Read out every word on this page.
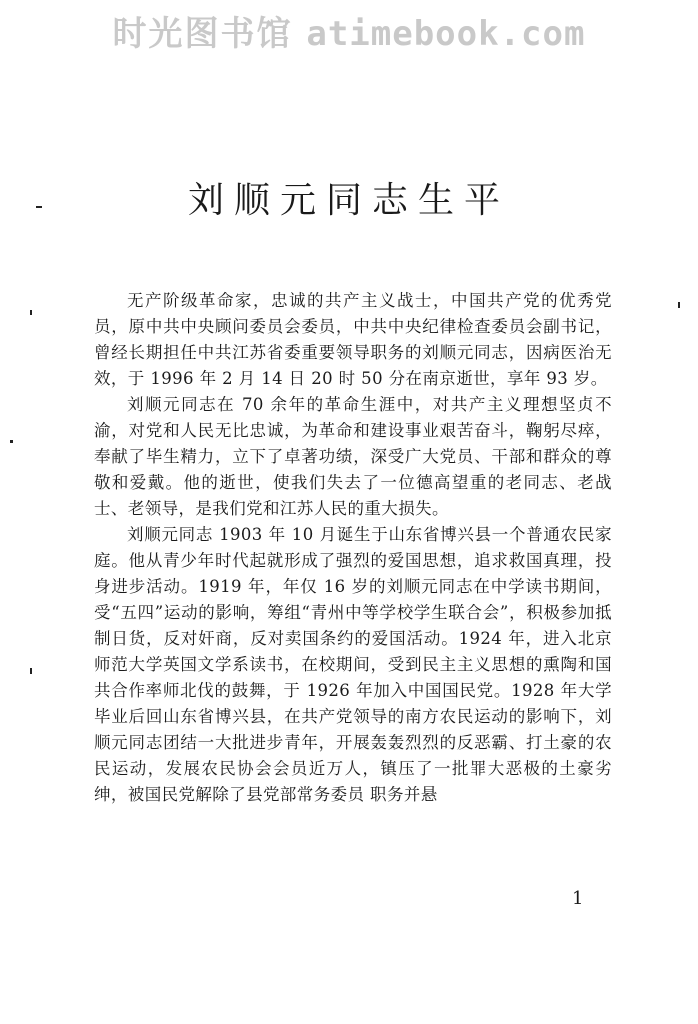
时光图书馆 atimebook.com
刘顺元同志生平

无产阶级革命家，忠诚的共产主义战士，中国共产党的优秀党员，原中共中央顾问委员会委员，中共中央纪律检查委员会副书记，曾经长期担任中共江苏省委重要领导职务的刘顺元同志，因病医治无效，于 1996 年 2 月 14 日 20 时 50 分在南京逝世，享年 93 岁。

刘顺元同志在 70 余年的革命生涯中，对共产主义理想坚贞不渝，对党和人民无比忠诚，为革命和建设事业艰苦奋斗，鞠躬尽瘁，奉献了毕生精力，立下了卓著功绩，深受广大党员、干部和群众的尊敬和爱戴。他的逝世，使我们失去了一位德高望重的老同志、老战士、老领导，是我们党和江苏人民的重大损失。

刘顺元同志 1903 年 10 月诞生于山东省博兴县一个普通农民家庭。他从青少年时代起就形成了强烈的爱国思想，追求救国真理，投身进步活动。1919 年，年仅 16 岁的刘顺元同志在中学读书期间，受“五四”运动的影响，筹组“青州中等学校学生联合会”，积极参加抵制日货，反对奸商，反对卖国条约的爱国活动。1924 年，进入北京师范大学英国文学系读书，在校期间，受到民主主义思想的熏陶和国共合作率师北伐的鼓舞，于 1926 年加入中国国民党。1928 年大学毕业后回山东省博兴县，在共产党领导的南方农民运动的影响下，刘顺元同志团结一大批进步青年，开展轰轰烈烈的反恶霸、打土豪的农民运动，发展农民协会会员近万人，镇压了一批罪大恶极的土豪劣绅，被国民党解除了县党部常务委员 职务并悬

1
